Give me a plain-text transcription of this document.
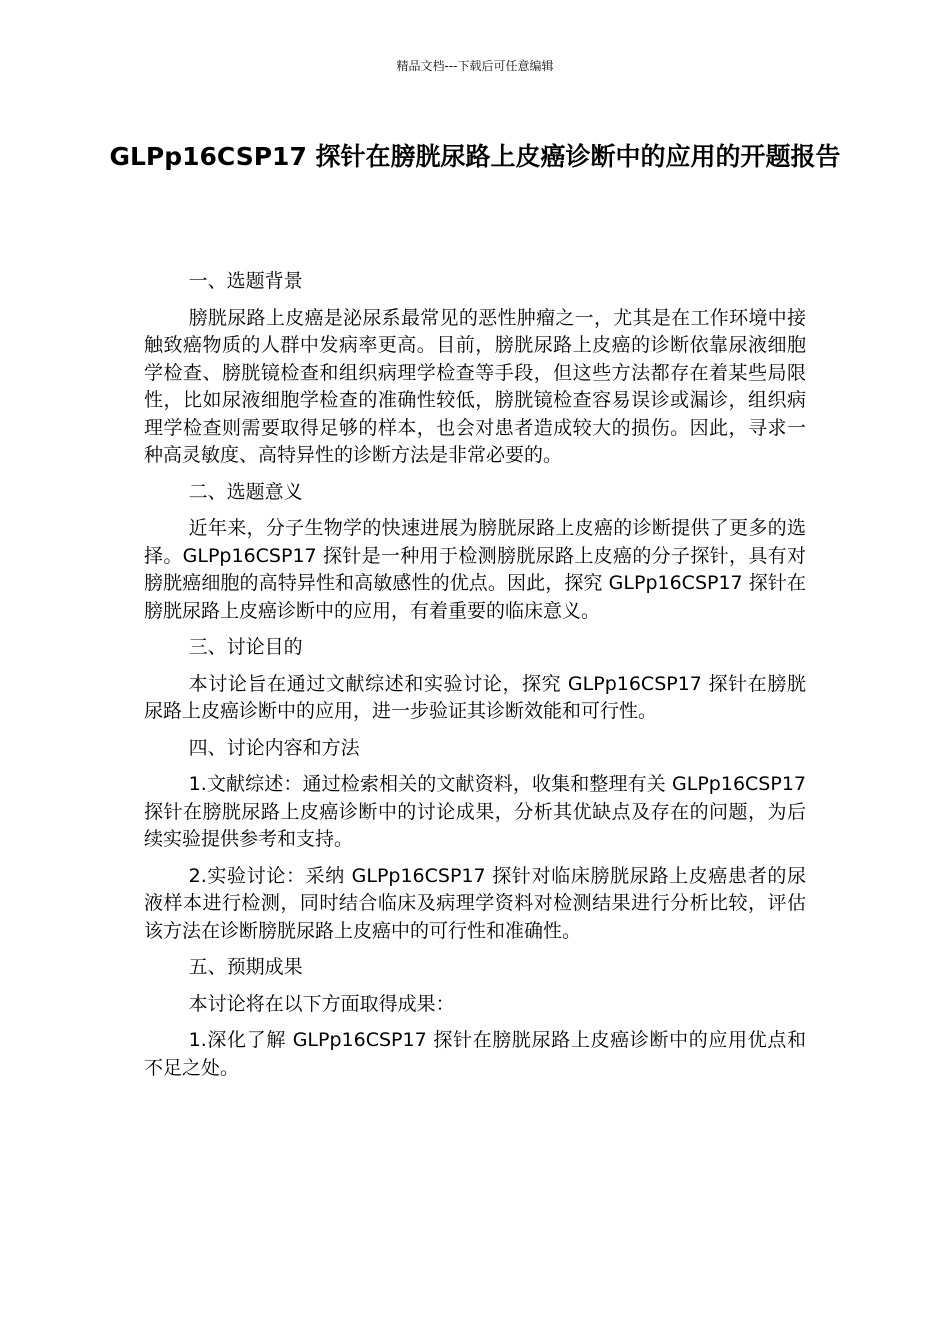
精品文档---下载后可任意编辑
GLPp16CSP17 探针在膀胱尿路上皮癌诊断中的应用的开题报告

一、选题背景

膀胱尿路上皮癌是泌尿系最常见的恶性肿瘤之一，尤其是在工作环境中接触致癌物质的人群中发病率更高。目前，膀胱尿路上皮癌的诊断依靠尿液细胞学检查、膀胱镜检查和组织病理学检查等手段，但这些方法都存在着某些局限性，比如尿液细胞学检查的准确性较低，膀胱镜检查容易误诊或漏诊，组织病理学检查则需要取得足够的样本，也会对患者造成较大的损伤。因此，寻求一种高灵敏度、高特异性的诊断方法是非常必要的。

二、选题意义

近年来，分子生物学的快速进展为膀胱尿路上皮癌的诊断提供了更多的选择。GLPp16CSP17 探针是一种用于检测膀胱尿路上皮癌的分子探针，具有对膀胱癌细胞的高特异性和高敏感性的优点。因此，探究 GLPp16CSP17 探针在膀胱尿路上皮癌诊断中的应用，有着重要的临床意义。

三、讨论目的

本讨论旨在通过文献综述和实验讨论，探究 GLPp16CSP17 探针在膀胱尿路上皮癌诊断中的应用，进一步验证其诊断效能和可行性。

四、讨论内容和方法

1.文献综述：通过检索相关的文献资料，收集和整理有关 GLPp16CSP17 探针在膀胱尿路上皮癌诊断中的讨论成果，分析其优缺点及存在的问题，为后续实验提供参考和支持。

2.实验讨论：采纳 GLPp16CSP17 探针对临床膀胱尿路上皮癌患者的尿液样本进行检测，同时结合临床及病理学资料对检测结果进行分析比较，评估该方法在诊断膀胱尿路上皮癌中的可行性和准确性。

五、预期成果

本讨论将在以下方面取得成果：

1.深化了解 GLPp16CSP17 探针在膀胱尿路上皮癌诊断中的应用优点和不足之处。
